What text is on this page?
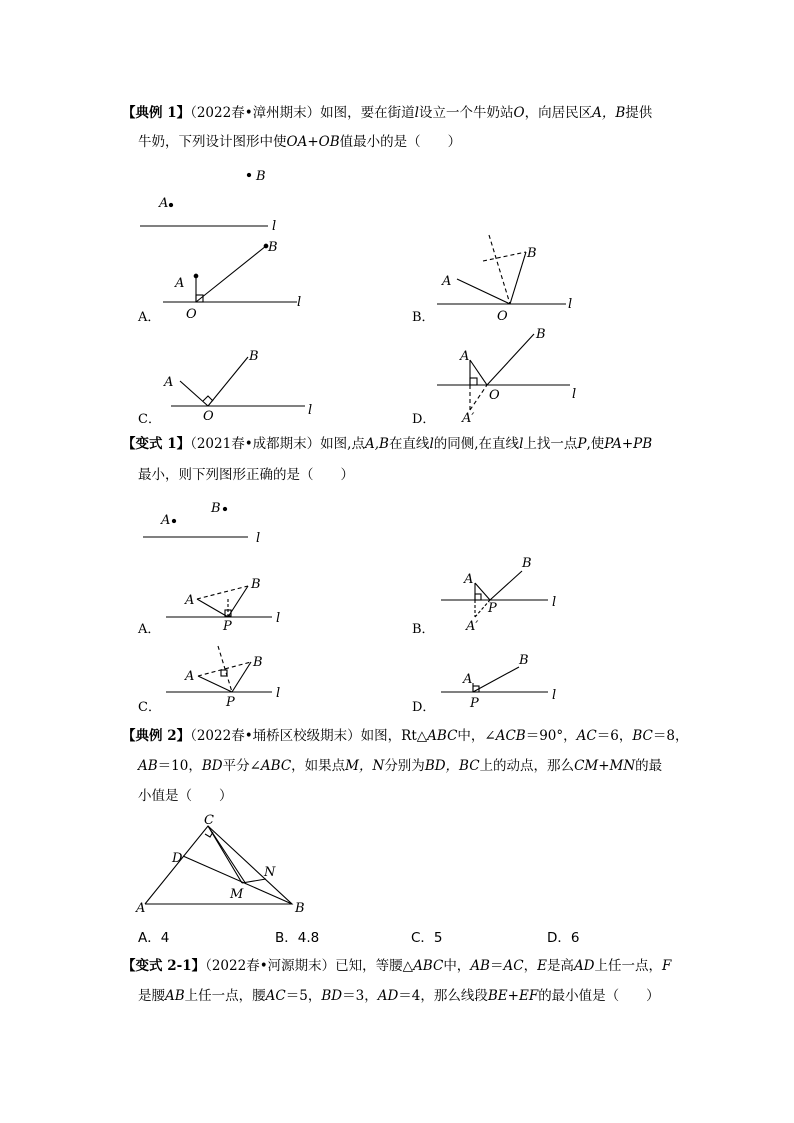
【典例 1】（2022春•漳州期末）如图，要在街道l设立一个牛奶站O，向居民区A，B提供
牛奶，下列设计图形中使OA+OB值最小的是（　　）
【变式 1】（2021春•成都期末）如图,点A,B在直线l的同侧,在直线l上找一点P,使PA+PB
最小，则下列图形正确的是（　　）
【典例 2】（2022春•埇桥区校级期末）如图，Rt△ABC中，∠ACB＝90°，AC＝6，BC＝8，
AB＝10，BD平分∠ABC，如果点M，N分别为BD，BC上的动点，那么CM+MN的最
小值是（　　）
A．4	B．4.8	C．5	D．6
【变式 2-1】（2022春•河源期末）已知，等腰△ABC中，AB＝AC，E是高AD上任一点，F
是腰AB上任一点，腰AC＝5，BD＝3，AD＝4，那么线段BE+EF的最小值是（　　）
A
B
l
A
B
O
l
A
B
O
l
A
B
O	l
A
B
O	l
A′
A
B
l
A
B
P
l
A
B
P	l
A′
A
B
P
l
A
B
P
l
C
D
N
M
A	B
A．	B．
C．	D．
A．	B．
C．	D．
